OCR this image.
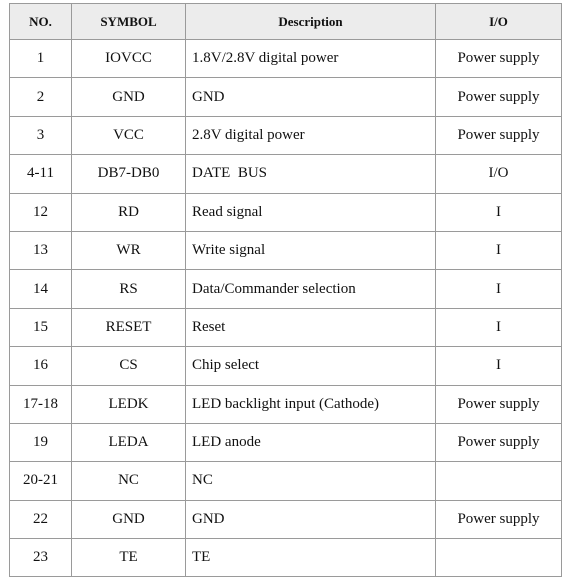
NO.	SYMBOL	Description	I/O
1	IOVCC	1.8V/2.8V digital power	Power supply
2	GND	GND	Power supply
3	VCC	2.8V digital power	Power supply
4-11	DB7-DB0	DATE  BUS	I/O
12	RD	Read signal	I
13	WR	Write signal	I
14	RS	Data/Commander selection	I
15	RESET	Reset	I
16	CS	Chip select	I
17-18	LEDK	LED backlight input (Cathode)	Power supply
19	LEDA	LED anode	Power supply
20-21	NC	NC	
22	GND	GND	Power supply
23	TE	TE	
